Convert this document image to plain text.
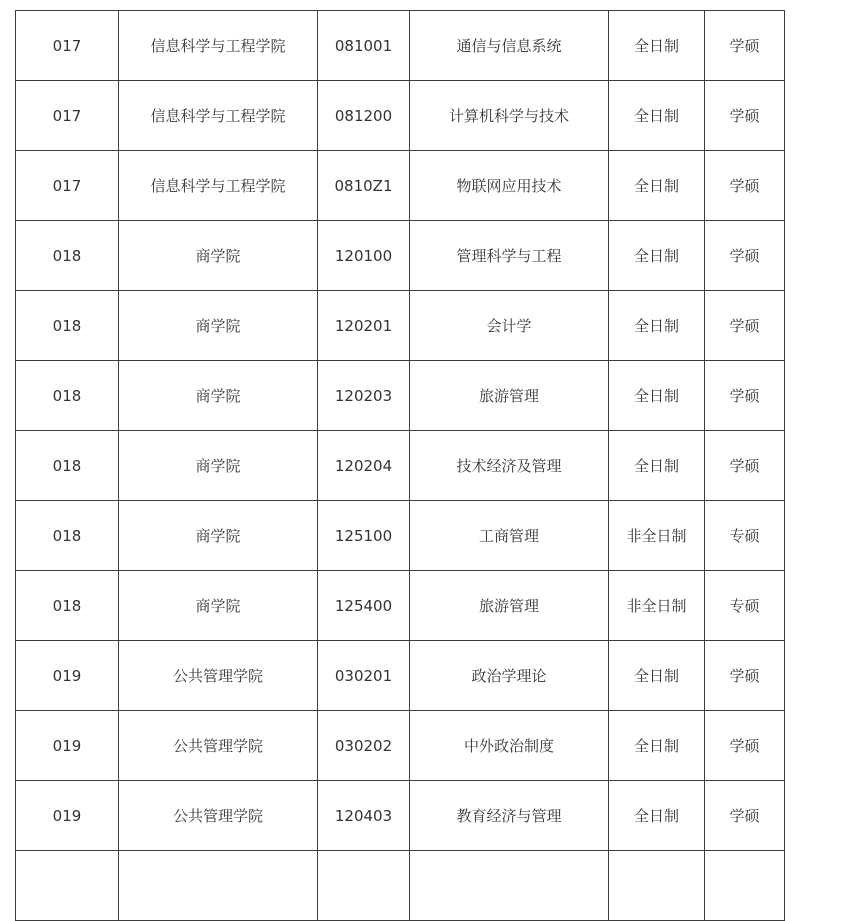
017	信息科学与工程学院	081001	通信与信息系统	全日制	学硕
017	信息科学与工程学院	081200	计算机科学与技术	全日制	学硕
017	信息科学与工程学院	0810Z1	物联网应用技术	全日制	学硕
018	商学院	120100	管理科学与工程	全日制	学硕
018	商学院	120201	会计学	全日制	学硕
018	商学院	120203	旅游管理	全日制	学硕
018	商学院	120204	技术经济及管理	全日制	学硕
018	商学院	125100	工商管理	非全日制	专硕
018	商学院	125400	旅游管理	非全日制	专硕
019	公共管理学院	030201	政治学理论	全日制	学硕
019	公共管理学院	030202	中外政治制度	全日制	学硕
019	公共管理学院	120403	教育经济与管理	全日制	学硕
